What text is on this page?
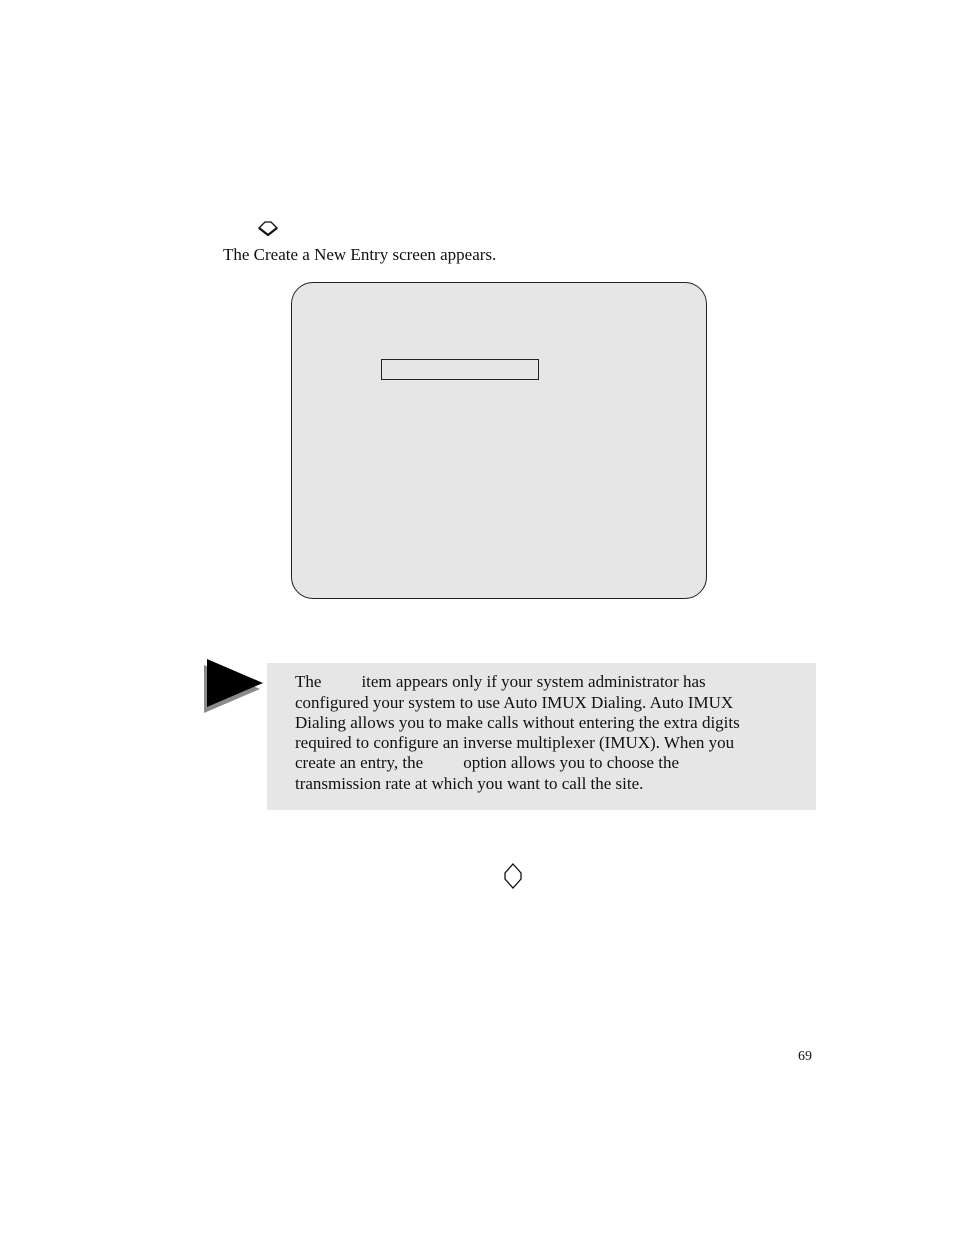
The Create a New Entry screen appears.
The item appears only if your system administrator has
configured your system to use Auto IMUX Dialing. Auto IMUX
Dialing allows you to make calls without entering the extra digits
required to configure an inverse multiplexer (IMUX). When you
create an entry, the option allows you to choose the
transmission rate at which you want to call the site.
69
